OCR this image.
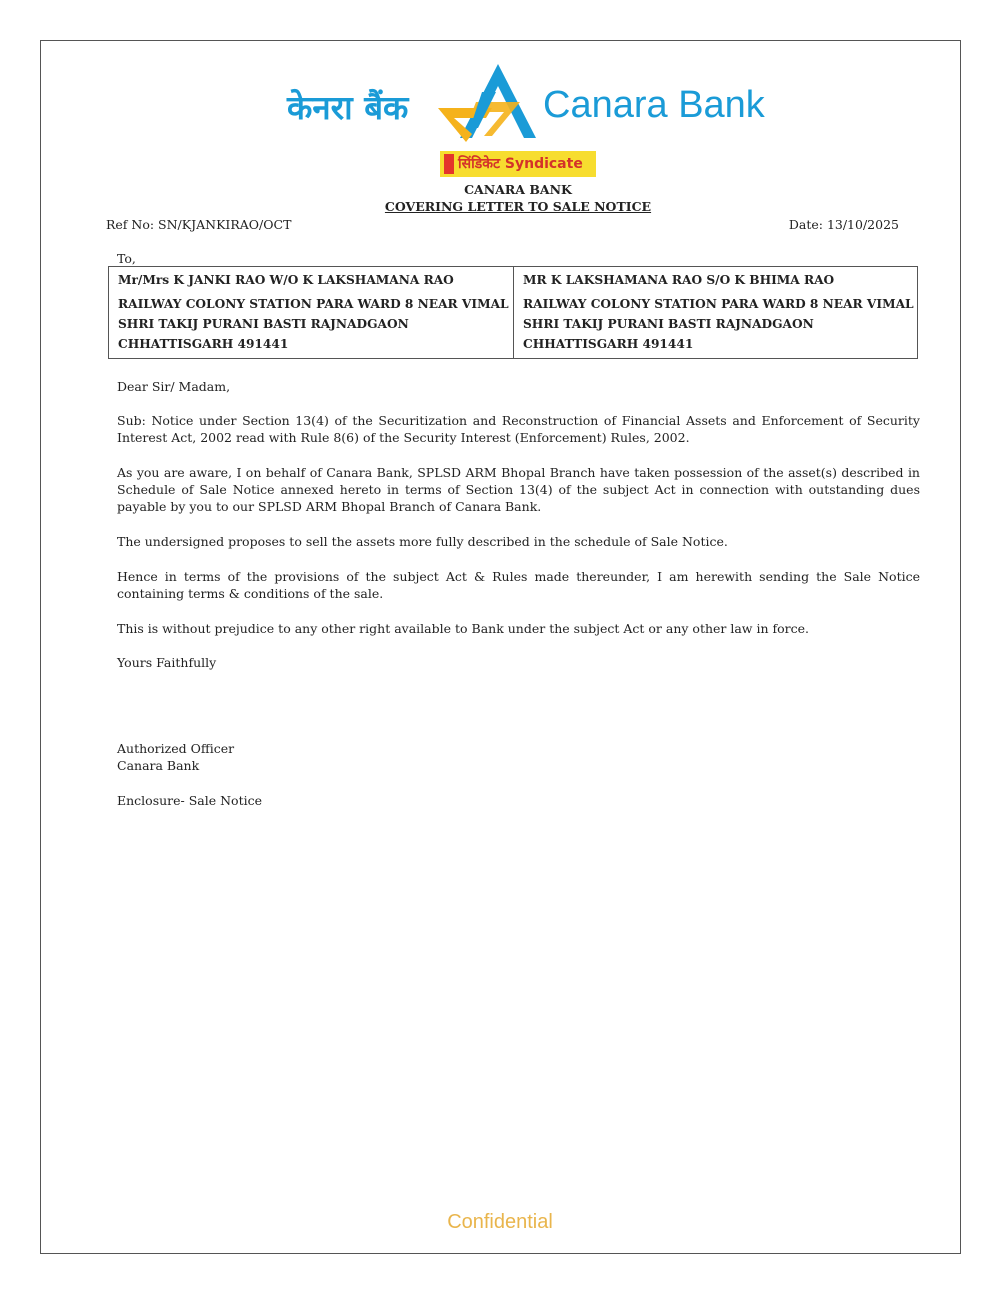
केनरा बैंक	Canara Bank
सिंडिकेट Syndicate
CANARA BANK
COVERING LETTER TO SALE NOTICE
Ref No: SN/KJANKIRAO/OCT	Date: 13/10/2025
To,
Mr/Mrs K JANKI RAO W/O K LAKSHAMANA RAO
RAILWAY COLONY STATION PARA WARD 8 NEAR VIMAL
SHRI TAKIJ PURANI BASTI RAJNADGAON
CHHATTISGARH 491441
MR K LAKSHAMANA RAO S/O K BHIMA RAO
RAILWAY COLONY STATION PARA WARD 8 NEAR VIMAL
SHRI TAKIJ PURANI BASTI RAJNADGAON
CHHATTISGARH 491441
Dear Sir/ Madam,
Sub: Notice under Section 13(4) of the Securitization and Reconstruction of Financial Assets and Enforcement of Security Interest Act, 2002 read with Rule 8(6) of the Security Interest (Enforcement) Rules, 2002.
As you are aware, I on behalf of Canara Bank, SPLSD ARM Bhopal Branch have taken possession of the asset(s) described in Schedule of Sale Notice annexed hereto in terms of Section 13(4) of the subject Act in connection with outstanding dues payable by you to our SPLSD ARM Bhopal Branch of Canara Bank.
The undersigned proposes to sell the assets more fully described in the schedule of Sale Notice.
Hence in terms of the provisions of the subject Act & Rules made thereunder, I am herewith sending the Sale Notice containing terms & conditions of the sale.
This is without prejudice to any other right available to Bank under the subject Act or any other law in force.
Yours Faithfully
Authorized Officer
Canara Bank
Enclosure- Sale Notice
Confidential
